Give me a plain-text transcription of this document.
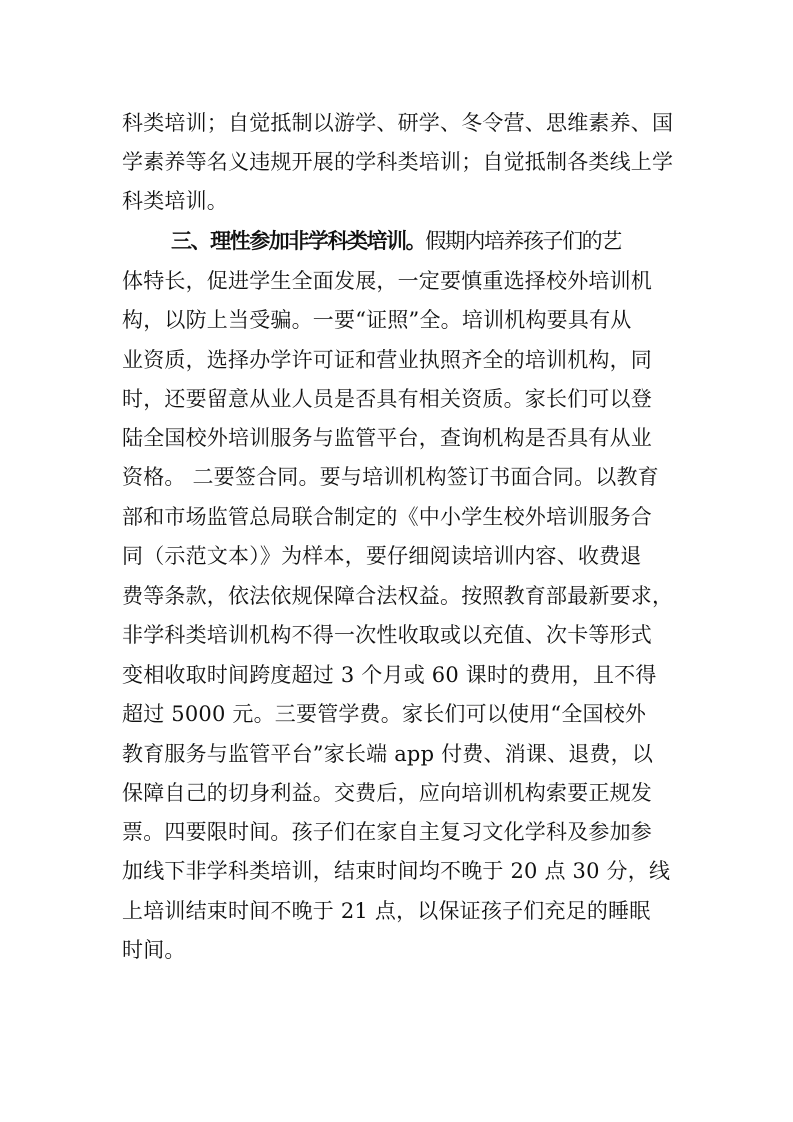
科类培训；自觉抵制以游学、研学、冬令营、思维素养、国
学素养等名义违规开展的学科类培训；自觉抵制各类线上学
科类培训。
三、理性参加非学科类培训。假期内培养孩子们的艺
体特长，促进学生全面发展，一定要慎重选择校外培训机
构，以防上当受骗。一要“证照”全。培训机构要具有从
业资质，选择办学许可证和营业执照齐全的培训机构，同
时，还要留意从业人员是否具有相关资质。家长们可以登
陆全国校外培训服务与监管平台，查询机构是否具有从业
资格。 二要签合同。要与培训机构签订书面合同。以教育
部和市场监管总局联合制定的《中小学生校外培训服务合
同（示范文本）》为样本，要仔细阅读培训内容、收费退
费等条款，依法依规保障合法权益。按照教育部最新要求，
非学科类培训机构不得一次性收取或以充值、次卡等形式
变相收取时间跨度超过 3 个月或 60 课时的费用，且不得
超过 5000 元。三要管学费。家长们可以使用“全国校外
教育服务与监管平台”家长端 app 付费、消课、退费，以
保障自己的切身利益。交费后，应向培训机构索要正规发
票。四要限时间。孩子们在家自主复习文化学科及参加参
加线下非学科类培训，结束时间均不晚于 20 点 30 分，线
上培训结束时间不晚于 21 点，以保证孩子们充足的睡眠
时间。
